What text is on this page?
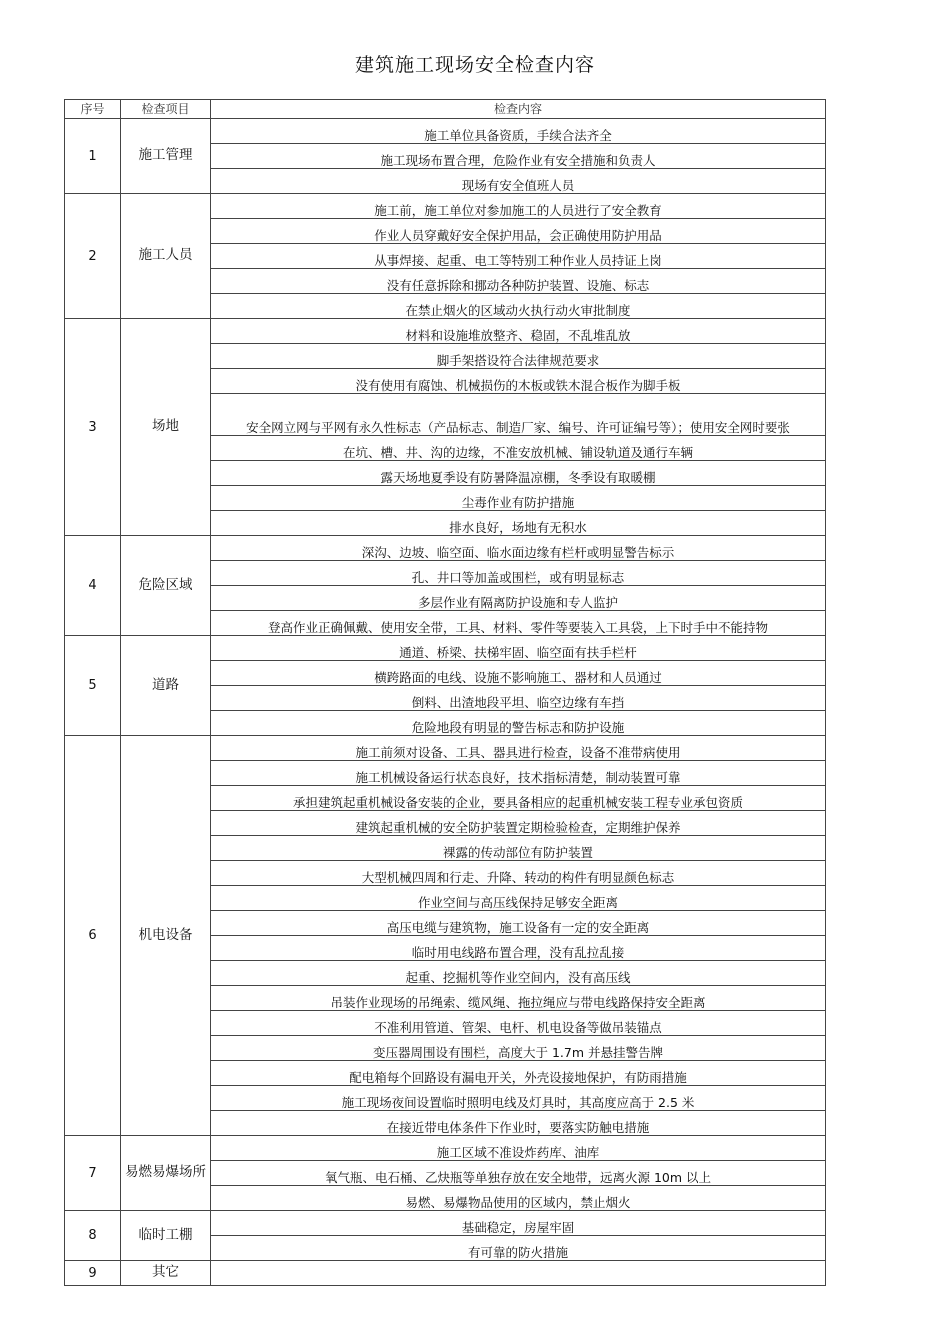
建筑施工现场安全检查内容
序号	检查项目	检查内容
1	施工管理	施工单位具备资质，手续合法齐全
		施工现场布置合理，危险作业有安全措施和负责人
		现场有安全值班人员
2	施工人员	施工前，施工单位对参加施工的人员进行了安全教育
		作业人员穿戴好安全保护用品，会正确使用防护用品
		从事焊接、起重、电工等特别工种作业人员持证上岗
		没有任意拆除和挪动各种防护装置、设施、标志
		在禁止烟火的区域动火执行动火审批制度
3	场地	材料和设施堆放整齐、稳固，不乱堆乱放
		脚手架搭设符合法律规范要求
		没有使用有腐蚀、机械损伤的木板或铁木混合板作为脚手板
		安全网立网与平网有永久性标志（产品标志、制造厂家、编号、许可证编号等）；使用安全网时要张
		在坑、槽、井、沟的边缘，不准安放机械、铺设轨道及通行车辆
		露天场地夏季设有防暑降温凉棚，冬季设有取暖棚
		尘毒作业有防护措施
		排水良好，场地有无积水
4	危险区域	深沟、边坡、临空面、临水面边缘有栏杆或明显警告标示
		孔、井口等加盖或围栏，或有明显标志
		多层作业有隔离防护设施和专人监护
		登高作业正确佩戴、使用安全带，工具、材料、零件等要装入工具袋，上下时手中不能持物
5	道路	通道、桥梁、扶梯牢固、临空面有扶手栏杆
		横跨路面的电线、设施不影响施工、器材和人员通过
		倒料、出渣地段平坦、临空边缘有车挡
		危险地段有明显的警告标志和防护设施
6	机电设备	施工前须对设备、工具、器具进行检查，设备不准带病使用
		施工机械设备运行状态良好，技术指标清楚，制动装置可靠
		承担建筑起重机械设备安装的企业，要具备相应的起重机械安装工程专业承包资质
		建筑起重机械的安全防护装置定期检验检查，定期维护保养
		裸露的传动部位有防护装置
		大型机械四周和行走、升降、转动的构件有明显颜色标志
		作业空间与高压线保持足够安全距离
		高压电缆与建筑物，施工设备有一定的安全距离
		临时用电线路布置合理，没有乱拉乱接
		起重、挖掘机等作业空间内，没有高压线
		吊装作业现场的吊绳索、缆风绳、拖拉绳应与带电线路保持安全距离
		不准利用管道、管架、电杆、机电设备等做吊装锚点
		变压器周围设有围栏，高度大于 1.7m 并悬挂警告牌
		配电箱每个回路设有漏电开关，外壳设接地保护，有防雨措施
		施工现场夜间设置临时照明电线及灯具时，其高度应高于 2.5 米
		在接近带电体条件下作业时，要落实防触电措施
7	易燃易爆场所	施工区域不准设炸药库、油库
		氧气瓶、电石桶、乙炔瓶等单独存放在安全地带，远离火源 10m 以上
		易燃、易爆物品使用的区域内，禁止烟火
8	临时工棚	基础稳定，房屋牢固
		有可靠的防火措施
9	其它	
